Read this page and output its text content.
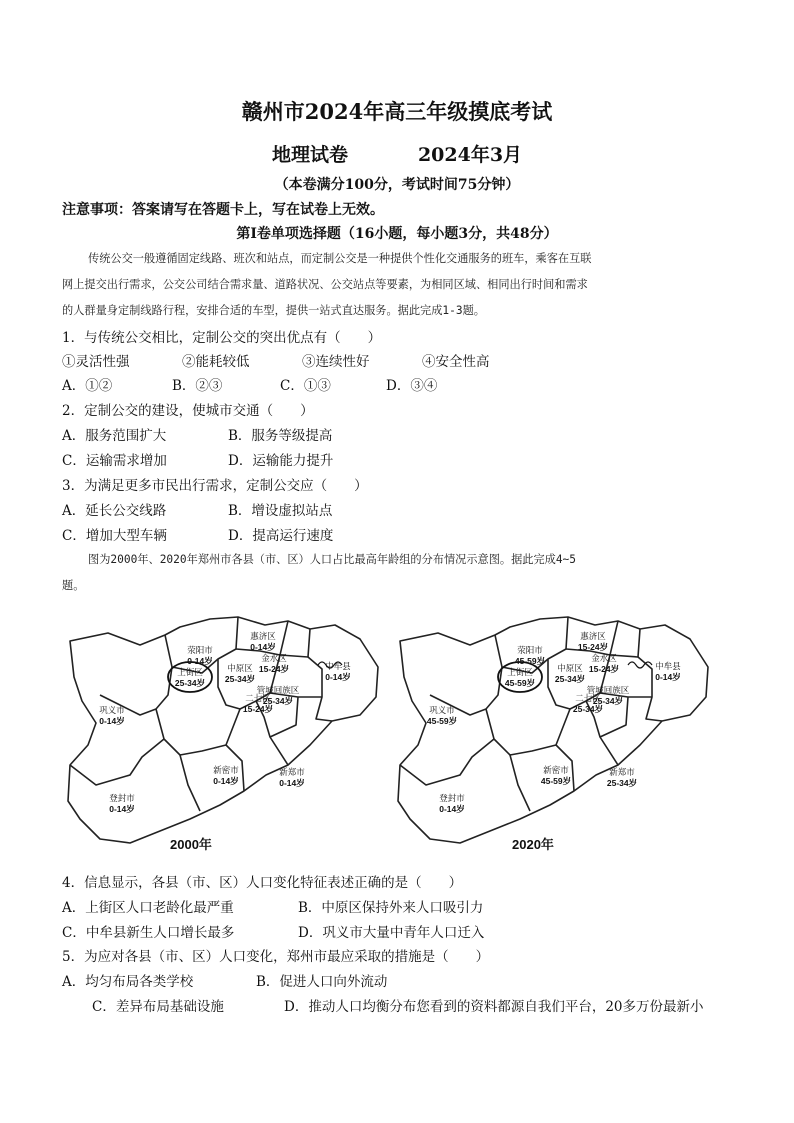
赣州市2024年高三年级摸底考试
地理试卷	2024年3月
（本卷满分100分，考试时间75分钟）
注意事项：答案请写在答题卡上，写在试卷上无效。
第Ⅰ卷单项选择题（16小题，每小题3分，共48分）
传统公交一般遵循固定线路、班次和站点，而定制公交是一种提供个性化交通服务的班车，乘客在互联
网上提交出行需求，公交公司结合需求量、道路状况、公交站点等要素，为相同区域、相同出行时间和需求
的人群量身定制线路行程，安排合适的车型，提供一站式直达服务。据此完成1-3题。
1．与传统公交相比，定制公交的突出优点有（　　）
①灵活性强	②能耗较低	③连续性好	④安全性高
A．①②	B．②③	C．①③	D．③④
2．定制公交的建设，使城市交通（　　）
A．服务范围扩大	B．服务等级提高
C．运输需求增加	D．运输能力提升
3．为满足更多市民出行需求，定制公交应（　　）
A．延长公交线路	B．增设虚拟站点
C．增加大型车辆	D．提高运行速度
图为2000年、2020年郑州市各县（市、区）人口占比最高年龄组的分布情况示意图。据此完成4~5
题。
荥阳市
0-14岁
惠济区
0-14岁
中原区
25-34岁
金水区
15-24岁
上街区
25-34岁
二七区
15-24岁
管城回族区
25-34岁
中牟县
0-14岁
巩义市
0-14岁
新密市
0-14岁
新郑市
0-14岁
登封市
0-14岁
荥阳市
45-59岁
惠济区
15-24岁
中原区
25-34岁
金水区
15-24岁
上街区
45-59岁
二七区
25-34岁
管城回族区
25-34岁
中牟县
0-14岁
巩义市
45-59岁
新密市
45-59岁
新郑市
25-34岁
登封市
0-14岁
2000年	2020年
4．信息显示，各县（市、区）人口变化特征表述正确的是（　　）
A．上街区人口老龄化最严重	B．中原区保持外来人口吸引力
C．中牟县新生人口增长最多	D．巩义市大量中青年人口迁入
5．为应对各县（市、区）人口变化，郑州市最应采取的措施是（　　）
A．均匀布局各类学校	B．促进人口向外流动
C．差异布局基础设施	D．推动人口均衡分布您看到的资料都源自我们平台，20多万份最新小
